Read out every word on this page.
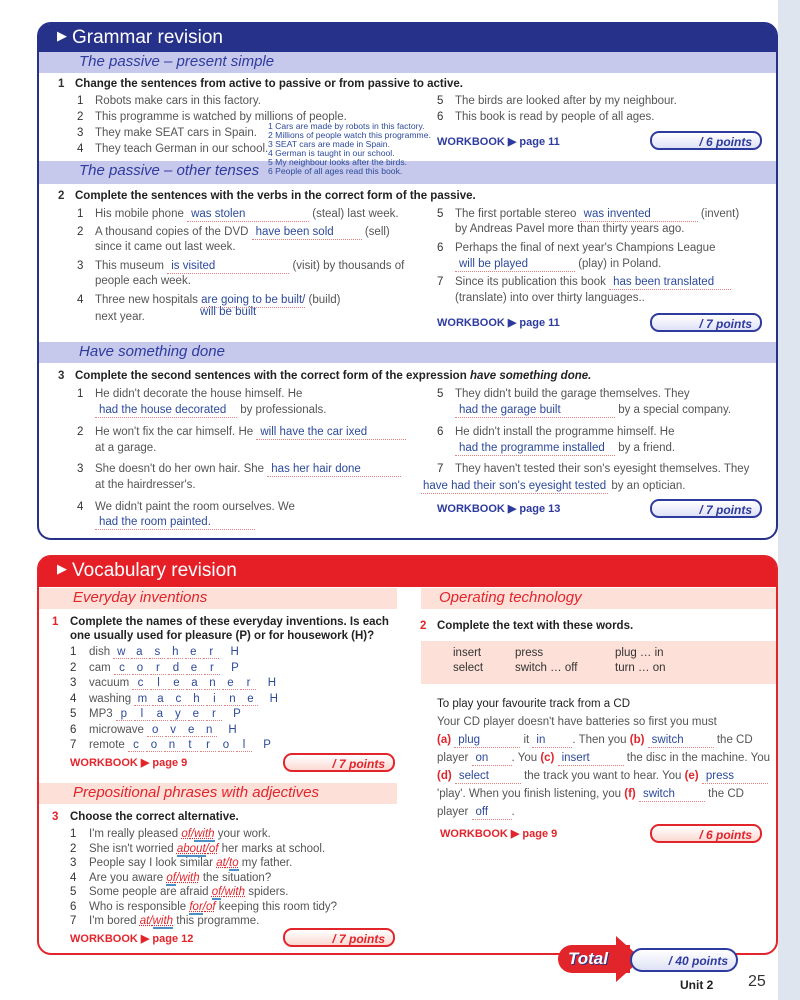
▶ Grammar revision
The passive – present simple
The passive – other tenses
Have something done
1 Change the sentences from active to passive or from passive to active.
1 Robots make cars in this factory.
2 This programme is watched by millions of people.
3 They make SEAT cars in Spain.
4 They teach German in our school.
5 The birds are looked after by my neighbour.
6 This book is read by people of all ages.
1 Cars are made by robots in this factory.
2 Millions of people watch this programme.
3 SEAT cars are made in Spain.
4 German is taught in our school.
5 My neighbour looks after the birds.
6 People of all ages read this book.
WORKBOOK ▶ page 11	/ 6 points
2 Complete the sentences with the verbs in the correct form of the passive.
1 His mobile phone was stolen	(steal) last week.
2 A thousand copies of the DVD have been sold	(sell)
since it came out last week.
3 This museum is visited	(visit) by thousands of
people each week.
4 Three new hospitals are going to be built/ (build)
next year.	will be built
5 The first portable stereo was invented	(invent)
by Andreas Pavel more than thirty years ago.
6 Perhaps the final of next year's Champions League
will be played	(play) in Poland.
7 Since its publication this book has been translated
(translate) into over thirty languages..
WORKBOOK ▶ page 11	/ 7 points
3 Complete the second sentences with the correct form of the expression have something done.
1 He didn't decorate the house himself. He
had the house decorated by professionals.
2 He won't fix the car himself. He will have the car ixed
at a garage.
3 She doesn't do her own hair. She has her hair done
at the hairdresser's.
4 We didn't paint the room ourselves. We
had the room painted.
5 They didn't build the garage themselves. They
had the garage built	by a special company.
6 He didn't install the programme himself. He
had the programme installed by a friend.
7 They haven't tested their son's eyesight themselves. They
have had their son's eyesight tested by an optician.
WORKBOOK ▶ page 13	/ 7 points
▶ Vocabulary revision
Everyday inventions	Operating technology
Prepositional phrases with adjectives
1 Complete the names of these everyday inventions. Is each
one usually used for pleasure (P) or for housework (H)?
1 dish w a s h e r H
2 cam c o r d e r P
3 vacuum c l e a n e r H
4 washing m a c h i n e H
5 MP3 p l a y e r P
6 microwave o v e n H
7 remote c o n t r o l P
WORKBOOK ▶ page 9	/ 7 points
3 Choose the correct alternative.
1 I'm really pleased of/with your work.
2 She isn't worried about/of her marks at school.
3 People say I look similar at/to my father.
4 Are you aware of/with the situation?
5 Some people are afraid of/with spiders.
6 Who is responsible for/of keeping this room tidy?
7 I'm bored at/with this programme.
WORKBOOK ▶ page 12	/ 7 points
2 Complete the text with these words.
insert	press	plug … in
select	switch … off	turn … on
To play your favourite track from a CD
Your CD player doesn't have batteries so first you must
(a) plug	it in . Then you (b) switch	the CD
player on . You (c) insert	the disc in the machine. You
(d) select	the track you want to hear. You (e) press
'play'. When you finish listening, you (f) switch	the CD
player off .
WORKBOOK ▶ page 9	/ 6 points
Total	/ 40 points
Unit 2 25
